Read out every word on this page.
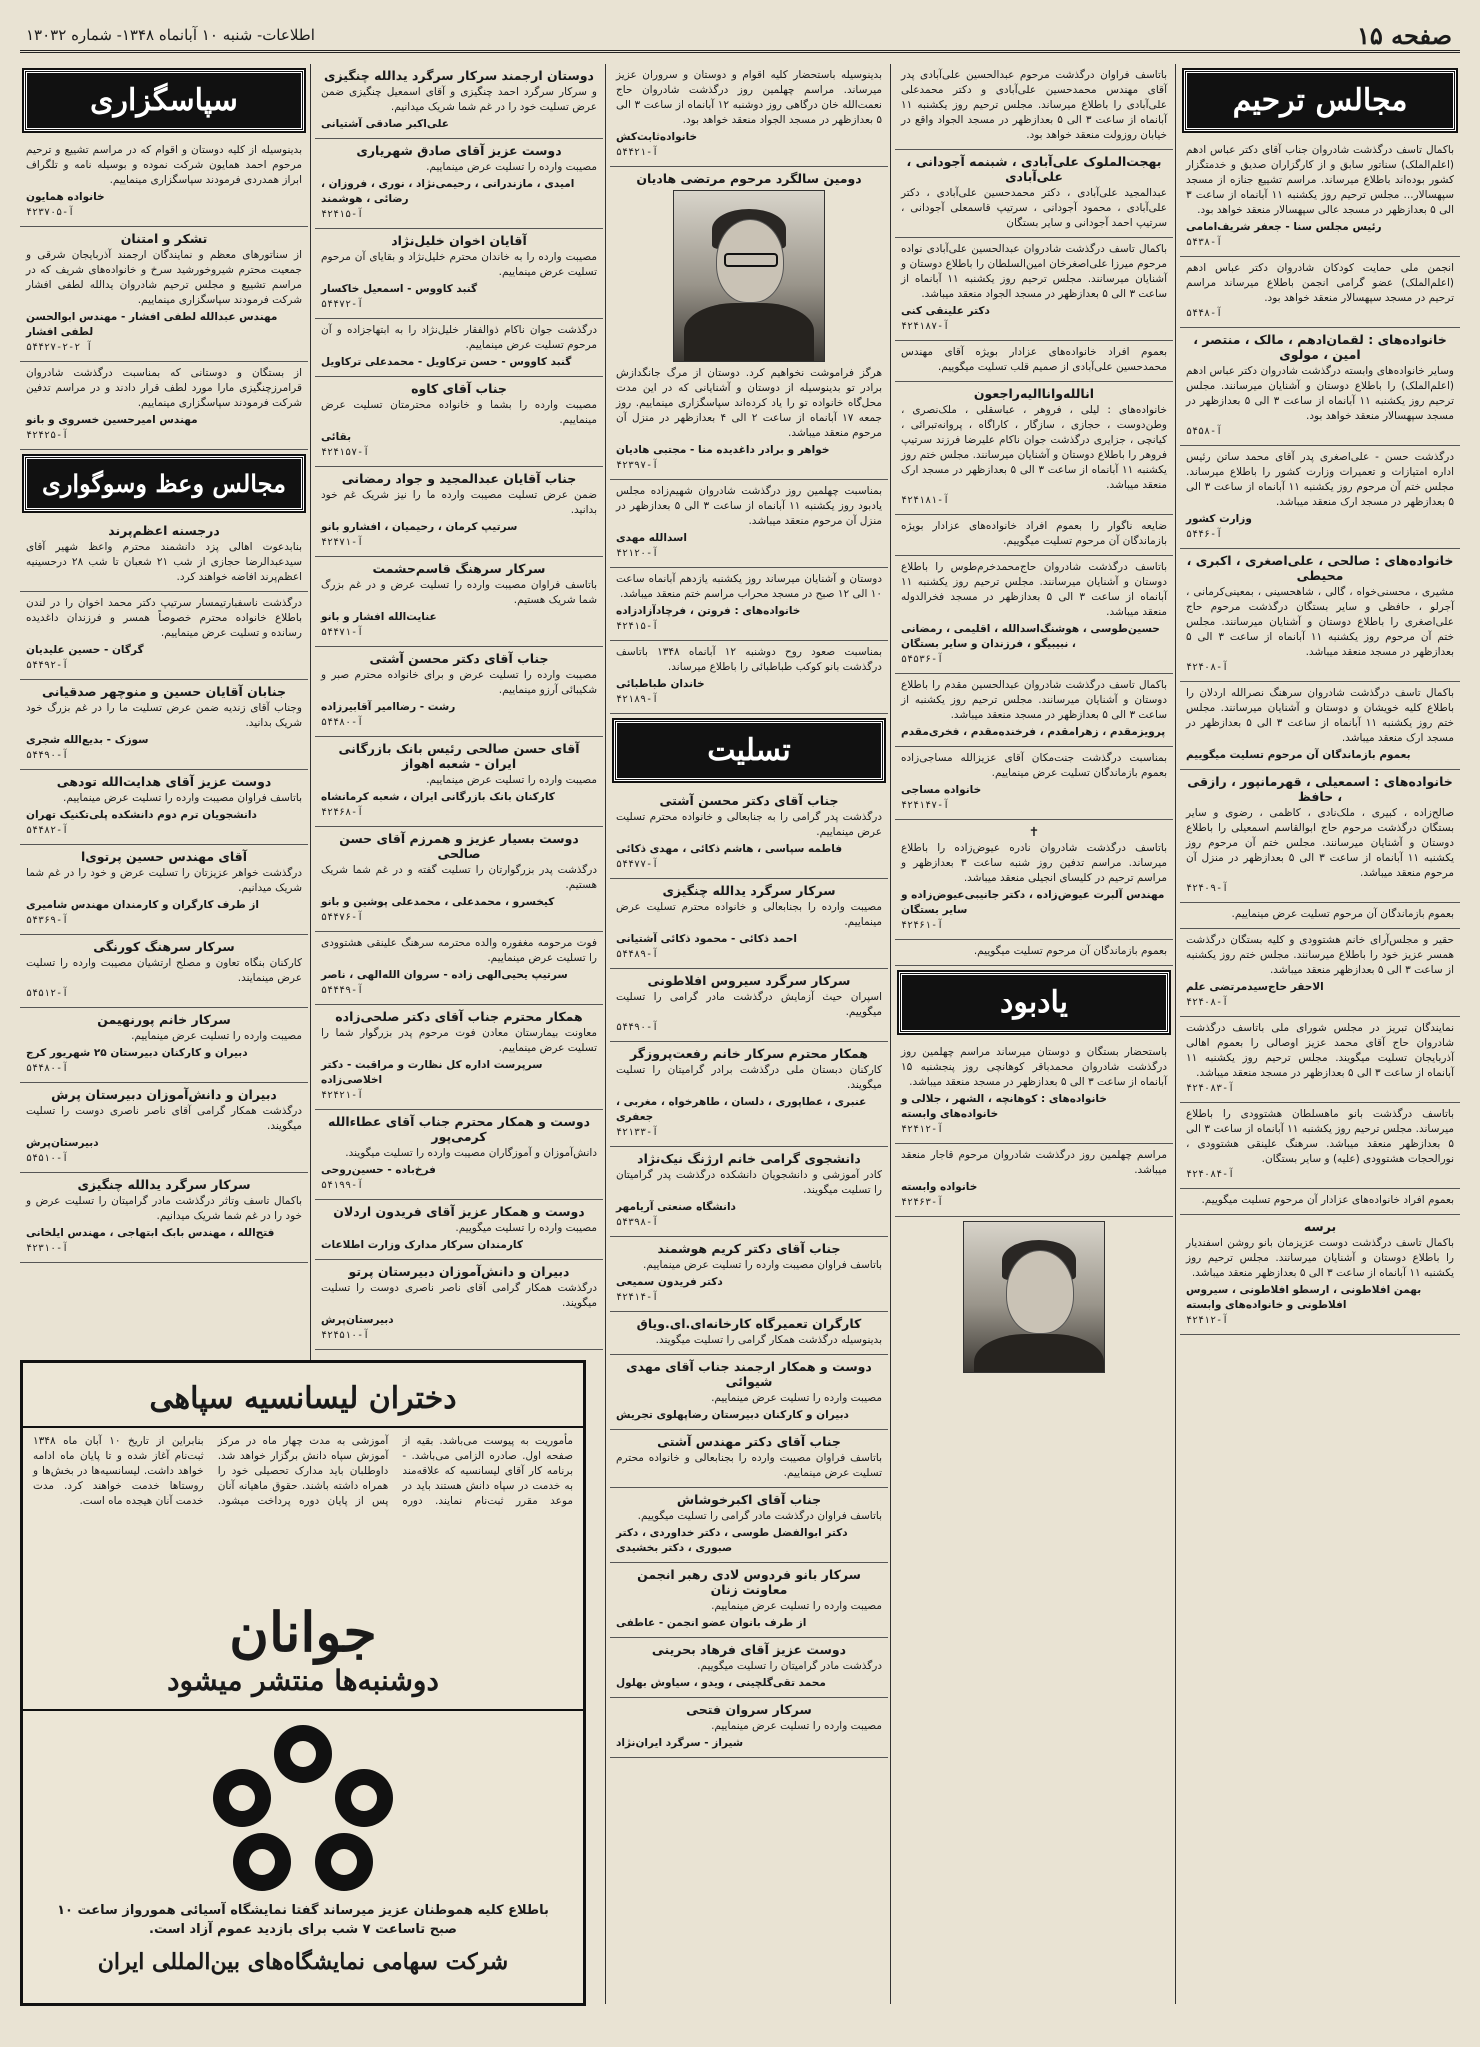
صفحه ۱۵
اطلاعات- شنبه ۱۰ آبانماه ۱۳۴۸- شماره ۱۳۰۳۲
مجالس ترحیم
باکمال تاسف درگذشت شادروان جناب آقای دکتر عباس ادهم (اعلم‌الملک) سناتور سابق و از کارگزاران صدیق و خدمتگزار کشور بوده‌اند باطلاع میرساند. مراسم تشییع جنازه از مسجد سپهسالار... مجلس ترحیم روز یکشنبه ۱۱ آبانماه از ساعت ۳ الی ۵ بعدازظهر در مسجد عالی سپهسالار منعقد خواهد بود.
رئیس مجلس سنا - جعفر شریف‌امامی
۵۴۳۸-آ
انجمن ملی حمایت کودکان شادروان دکتر عباس ادهم (اعلم‌الملک) عضو گرامی انجمن باطلاع میرساند مراسم ترحیم در مسجد سپهسالار منعقد خواهد بود.
۵۴۴۸-آ
خانواده‌های : لقمان‌ادهم ، مالک ، منتصر ، امین ، مولوی
وسایر خانواده‌های وابسته درگذشت شادروان دکتر عباس ادهم (اعلم‌الملک) را باطلاع دوستان و آشنایان میرسانند. مجلس ترحیم روز یکشنبه ۱۱ آبانماه از ساعت ۳ الی ۵ بعدازظهر در مسجد سپهسالار منعقد خواهد بود.
۵۴۵۸-آ
درگذشت حسن - علی‌اصغری پدر آقای محمد ساتن رئیس اداره امتیازات و تعمیرات وزارت کشور را باطلاع میرساند. مجلس ختم آن مرحوم روز یکشنبه ۱۱ آبانماه از ساعت ۳ الی ۵ بعدازظهر در مسجد ارک منعقد میباشد.
وزارت کشور
۵۴۴۶-آ
خانواده‌های : صالحی ، علی‌اصغری ، اکبری ، محیطی
مشیری ، محسنی‌خواه ، گالی ، شاهحسینی ، بمعینی‌کرمانی ، آجرلو ، حافظی و سایر بستگان درگذشت مرحوم حاج علی‌اصغری را باطلاع دوستان و آشنایان میرسانند. مجلس ختم آن مرحوم روز یکشنبه ۱۱ آبانماه از ساعت ۳ الی ۵ بعدازظهر در مسجد منعقد میباشد.
۴۲۴۰۸-آ
باکمال تاسف درگذشت شادروان سرهنگ نصرالله اردلان را باطلاع کلیه خویشان و دوستان و آشنایان میرسانند. مجلس ختم روز یکشنبه ۱۱ آبانماه از ساعت ۳ الی ۵ بعدازظهر در مسجد ارک منعقد میباشد.
بعموم بازماندگان آن مرحوم تسلیت میگوییم
خانواده‌های : اسمعیلی ، قهرمانپور ، رازقی ، حافظ
صالح‌زاده ، کبیری ، ملک‌نادی ، کاظمی ، رضوی و سایر بستگان درگذشت مرحوم حاج ابوالقاسم اسمعیلی را باطلاع دوستان و آشنایان میرسانند. مجلس ختم آن مرحوم روز یکشنبه ۱۱ آبانماه از ساعت ۳ الی ۵ بعدازظهر در منزل آن مرحوم منعقد میباشد.
۴۲۴۰۹-آ
بعموم بازماندگان آن مرحوم تسلیت عرض مینماییم.
حقیر و مجلس‌آرای خانم هشتوودی و کلیه بستگان درگذشت همسر عزیز خود را باطلاع میرسانند. مجلس ختم روز یکشنبه از ساعت ۳ الی ۵ بعدازظهر منعقد میباشد.
الاحقر حاج‌سیدمرتضی علم
۴۲۴۰۸-آ
نمایندگان تبریز در مجلس شورای ملی باتاسف درگذشت شادروان حاج آقای محمد عزیز اوصالی را بعموم اهالی آذربایجان تسلیت میگویند. مجلس ترحیم روز یکشنبه ۱۱ آبانماه از ساعت ۳ الی ۵ بعدازظهر در مسجد منعقد میباشد.
۴۲۴۰۸۳-آ
باتاسف درگذشت بانو ماهسلطان هشتوودی را باطلاع میرساند. مجلس ترحیم روز یکشنبه ۱۱ آبانماه از ساعت ۳ الی ۵ بعدازظهر منعقد میباشد. سرهنگ علینقی هشتوودی ، نورالحجات هشتوودی (علیه) و سایر بستگان.
۴۲۴۰۸۴-آ
بعموم افراد خانواده‌های عزادار آن مرحوم تسلیت میگوییم.
برسه
باکمال تاسف درگذشت دوست عزیزمان بانو روشن اسفندیار را باطلاع دوستان و آشنایان میرسانند. مجلس ترحیم روز یکشنبه ۱۱ آبانماه از ساعت ۳ الی ۵ بعدازظهر منعقد میباشد.
بهمن افلاطونی ، ارسطو افلاطونی ، سیروس افلاطونی و خانواده‌های وابسته
۴۲۴۱۲-آ
باتاسف فراوان درگذشت مرحوم عبدالحسین علی‌آبادی پدر آقای مهندس محمدحسین علی‌آبادی و دکتر محمدعلی علی‌آبادی را باطلاع میرساند. مجلس ترحیم روز یکشنبه ۱۱ آبانماه از ساعت ۳ الی ۵ بعدازظهر در مسجد الجواد واقع در خیابان روزولت منعقد خواهد بود.
بهجت‌الملوک علی‌آبادی ، شبنمه آجودانی ، علی‌آبادی
عبدالمجید علی‌آبادی ، دکتر محمدحسین علی‌آبادی ، دکتر علی‌آبادی ، محمود آجودانی ، سرتیپ قاسمعلی آجودانی ، سرتیپ احمد آجودانی و سایر بستگان
باکمال تاسف درگذشت شادروان عبدالحسین علی‌آبادی نواده مرحوم میرزا علی‌اصغرخان امین‌السلطان را باطلاع دوستان و آشنایان میرسانند. مجلس ترحیم روز یکشنبه ۱۱ آبانماه از ساعت ۳ الی ۵ بعدازظهر در مسجد الجواد منعقد میباشد.
دکتر علینقی کنی
۴۲۴۱۸۷-آ
بعموم افراد خانواده‌های عزادار بویژه آقای مهندس محمدحسین علی‌آبادی از صمیم قلب تسلیت میگوییم.
انالله‌وانا‌الیه‌راجعون
خانواده‌های : لیلی ، فروهر ، عباسقلی ، ملک‌نصری ، وطن‌دوست ، حجازی ، سازگار ، کاراگاه ، پروانه‌تبرائی ، کیانچی ، جزایری درگذشت جوان ناکام علیرضا فرزند سرتیپ فروهر را باطلاع دوستان و آشنایان میرسانند. مجلس ختم روز یکشنبه ۱۱ آبانماه از ساعت ۳ الی ۵ بعدازظهر در مسجد ارک منعقد میباشد.
۴۲۴۱۸۱-آ
ضایعه ناگوار را بعموم افراد خانواده‌های عزادار بویژه بازماندگان آن مرحوم تسلیت میگوییم.
باتاسف درگذشت شادروان حاج‌محمدخرم‌طوس را باطلاع دوستان و آشنایان میرسانند. مجلس ترحیم روز یکشنبه ۱۱ آبانماه از ساعت ۳ الی ۵ بعدازظهر در مسجد فخرالدوله منعقد میباشد.
حسین‌طوسی ، هوشنگ‌اسدالله ، اقلیمی ، رمضانی ، نبیبیگو ، فرزندان و سایر بستگان
۵۴۵۳۶-آ
باکمال تاسف درگذشت شادروان عبدالحسین مقدم را باطلاع دوستان و آشنایان میرسانند. مجلس ترحیم روز یکشنبه از ساعت ۳ الی ۵ بعدازظهر در مسجد منعقد میباشد.
پرویزمقدم ، زهرامقدم ، فرخنده‌مقدم ، فخری‌مقدم
بمناسبت درگذشت جنت‌مکان آقای عزیزالله مساجی‌زاده بعموم بازماندگان تسلیت عرض مینماییم.
خانواده مساجی
۴۲۴۱۴۷-آ
✝
باتاسف درگذشت شادروان نادره عیوض‌زاده را باطلاع میرساند. مراسم تدفین روز شنبه ساعت ۳ بعدازظهر و مراسم ترحیم در کلیسای انجیلی منعقد میباشد.
مهندس آلبرت عیوض‌زاده ، دکتر جانیبی‌عیوض‌زاده و سایر بستگان
۴۲۴۶۱-آ
بعموم بازماندگان آن مرحوم تسلیت میگوییم.
یادبود
باستحضار بستگان و دوستان میرساند مراسم چهلمین روز درگذشت شادروان محمدباقر کوهانچی روز پنجشنبه ۱۵ آبانماه از ساعت ۳ الی ۵ بعدازظهر در مسجد منعقد میباشد.
خانواده‌های : کوهانچه ، الشهر ، جلالی و خانواده‌های وابسته
۴۲۴۱۲-آ
مراسم چهلمین روز درگذشت شادروان مرحوم قاجار منعقد میباشد.
خانواده وابسته
۴۲۴۶۳-آ
بدینوسیله باستحضار کلیه اقوام و دوستان و سروران عزیز میرساند. مراسم چهلمین روز درگذشت شادروان حاج نعمت‌الله خان درگاهی روز دوشنبه ۱۲ آبانماه از ساعت ۳ الی ۵ بعدازظهر در مسجد الجواد منعقد خواهد بود.
خانواده‌ثابت‌کش
۵۴۴۲۱-آ
دومین سالگرد مرحوم مرتضی هادیان
هرگز فراموشت نخواهیم کرد. دوستان از مرگ جانگدازش برادر تو بدینوسیله از دوستان و آشنایانی که در این مدت محل‌گاه خانواده تو را یاد کرده‌اند سپاسگزاری مینماییم. روز جمعه ۱۷ آبانماه از ساعت ۲ الی ۴ بعدازظهر در منزل آن مرحوم منعقد میباشد.
خواهر و برادر داغدیده منا - مجتبی هادیان
۴۲۳۹۷-آ
بمناسبت چهلمین روز درگذشت شادروان شهیم‌زاده مجلس یادبود روز یکشنبه ۱۱ آبانماه از ساعت ۳ الی ۵ بعدازظهر در منزل آن مرحوم منعقد میباشد.
اسدالله مهدی
۴۲۱۲۰-آ
دوستان و آشنایان میرساند روز یکشنبه یازدهم آبانماه ساعت ۱۰ الی ۱۲ صبح در مسجد محراب مراسم ختم منعقد میباشد.
خانواده‌های : فروتن ، فرچاد‌آزادزاده
۴۲۴۱۵-آ
بمناسبت صعود روح دوشنبه ۱۲ آبانماه ۱۳۴۸ باتاسف درگذشت بانو کوکب طباطبائی را باطلاع میرساند.
خاندان طباطبائی
۴۲۱۸۹-آ
تسلیت
جناب آقای دکتر محسن آشتی
درگذشت پدر گرامی را به جنابعالی و خانواده محترم تسلیت عرض مینماییم.
فاطمه سپاسی ، هاشم ذکائی ، مهدی ذکائی
۵۴۴۷۷-آ
سرکار سرگرد یدالله چنگیزی
مصیبت وارده را بجنابعالی و خانواده محترم تسلیت عرض مینماییم.
احمد ذکائی - محمود ذکائی آشتیانی
۵۴۴۸۹-آ
سرکار سرگرد سیروس افلاطونی
اسپران حیث آزمایش درگذشت مادر گرامی را تسلیت میگوییم.
۵۴۴۹۰-آ
همکار محترم سرکار خانم رفعت‌پروزگر
کارکنان دبستان ملی درگذشت برادر گرامیتان را تسلیت میگویند.
عنبری ، عطاپوری ، دلسان ، طاهرخواه ، مغربی ، جعفری
۴۲۱۳۳-آ
دانشجوی گرامی خانم ارژنگ نیک‌نژاد
کادر آموزشی و دانشجویان دانشکده درگذشت پدر گرامیتان را تسلیت میگویند.
دانشگاه صنعتی آریامهر
۵۴۳۹۸-آ
جناب آقای دکتر کریم هوشمند
باتاسف فراوان مصیبت وارده را تسلیت عرض مینماییم.
دکتر فریدون سمیعی
۴۲۴۱۴-آ
کارگران تعمیرگاه کارخانه‌ای.ای.ویاق
بدینوسیله درگذشت همکار گرامی را تسلیت میگویند.
دوست و همکار ارجمند جناب آقای مهدی شیوائی
مصیبت وارده را تسلیت عرض مینماییم.
دبیران و کارکنان دبیرستان رضاپهلوی تجریش
جناب آقای دکتر مهندس آشتی
باتاسف فراوان مصیبت وارده را بجنابعالی و خانواده محترم تسلیت عرض مینماییم.
جناب آقای اکبرخوشاش
باتاسف فراوان درگذشت مادر گرامی را تسلیت میگوییم.
دکتر ابوالفضل طوسی ، دکتر خداوردی ، دکتر صبوری ، دکتر بخشیدی
سرکار بانو فردوس لادی رهبر انجمن معاونت زنان
مصیبت وارده را تسلیت عرض مینماییم.
از طرف بانوان عضو انجمن - عاطفی
دوست عزیز آقای فرهاد بحرینی
درگذشت مادر گرامیتان را تسلیت میگوییم.
محمد تقی‌گلچینی ، ویدو ، سیاوش بهلول
سرکار سروان فتحی
مصیبت وارده را تسلیت عرض مینماییم.
شیراز - سرگرد ایران‌نژاد
دوستان ارجمند سرکار سرگرد یدالله چنگیزی
و سرکار سرگرد احمد چنگیزی و آقای اسمعیل چنگیزی ضمن عرض تسلیت خود را در غم شما شریک میدانیم.
علی‌اکبر صادقی آشتیانی
دوست عزیز آقای صادق شهریاری
مصیبت وارده را تسلیت عرض مینماییم.
امیدی ، مازندرانی ، رحیمی‌نژاد ، نوری ، فروزان ، رضائی ، هوشمند
۴۲۴۱۵-آ
آقایان اخوان خلیل‌نژاد
مصیبت وارده را به خاندان محترم خلیل‌نژاد و بقایای آن مرحوم تسلیت عرض مینماییم.
گنبد کاووس - اسمعیل خاکسار
۵۴۴۷۲-آ
درگذشت جوان ناکام ذوالفقار خلیل‌نژاد را به ابتهاجزاده و آن مرحوم تسلیت عرض مینماییم.
گنبد کاووس - حسن ترکاویل - محمدعلی ترکاویل
جناب آقای کاوه
مصیبت وارده را بشما و خانواده محترمتان تسلیت عرض مینماییم.
بقائی
۴۲۴۱۵۷-آ
جناب آقایان عبدالمجید و جواد رمضانی
ضمن عرض تسلیت مصیبت وارده ما را نیز شریک غم خود بدانید.
سرتیپ کرمان ، رحیمیان ، افشارو بانو
۴۲۴۷۱-آ
سرکار سرهنگ قاسم‌حشمت
باتاسف فراوان مصیبت وارده را تسلیت عرض و در غم بزرگ شما شریک هستیم.
عنایت‌الله افشار و بانو
۵۴۴۷۱-آ
جناب آقای دکتر محسن آشتی
مصیبت وارده را تسلیت عرض و برای خانواده محترم صبر و شکیبائی آرزو مینماییم.
رشت - رضاامیر آقابیرزاده
۵۴۴۸۰-آ
آقای حسن صالحی رئیس بانک بازرگانی ایران - شعبه اهواز
مصیبت وارده را تسلیت عرض مینماییم.
کارکنان بانک بازرگانی ایران ، شعبه کرمانشاه
۴۲۴۶۸-آ
دوست بسیار عزیز و همرزم آقای حسن صالحی
درگذشت پدر بزرگوارتان را تسلیت گفته و در غم شما شریک هستیم.
کیخسرو ، محمدعلی ، محمدعلی پوشین و بانو
۵۴۴۷۶-آ
فوت مرحومه مغفوره والده محترمه سرهنگ علینقی هشتوودی را تسلیت عرض مینماییم.
سرتیپ یحیی‌الهی زاده - سروان الله‌الهی ، ناصر
۵۴۴۴۹-آ
همکار محترم جناب آقای دکتر صلحی‌زاده
معاونت بیمارستان معادن فوت مرحوم پدر بزرگوار شما را تسلیت عرض مینماییم.
سرپرست اداره کل نظارت و مراقبت - دکتر اخلاصی‌زاده
۴۲۴۲۱-آ
دوست و همکار محترم جناب آقای عطاءالله کرمی‌پور
دانش‌آموزان و آموزگاران مصیبت وارده را تسلیت میگویند.
فرخ‌باده - حسین‌روحی
۵۴۱۹۹-آ
دوست و همکار عزیز آقای فریدون اردلان
مصیبت وارده را تسلیت میگوییم.
کارمندان سرکار مدارک وزارت اطلاعات
دبیران و دانش‌آموزان دبیرستان پرتو
درگذشت همکار گرامی آقای ناصر ناصری دوست را تسلیت میگویند.
دبیرستان‌پرش
۴۲۴۵۱۰-آ
سپاسگزاری
بدینوسیله از کلیه دوستان و اقوام که در مراسم تشییع و ترحیم مرحوم احمد همایون شرکت نموده و بوسیله نامه و تلگراف ابراز همدردی فرمودند سپاسگزاری مینماییم.
خانواده همایون
۴۲۳۷۰۵-آ
تشکر و امتنان
از سناتورهای معظم و نمایندگان ارجمند آذربایجان شرقی و جمعیت محترم شیروخورشید سرخ و خانواده‌های شریف که در مراسم تشییع و مجلس ترحیم شادروان یدالله لطفی افشار شرکت فرمودند سپاسگزاری مینماییم.
مهندس عبدالله لطفی افشار - مهندس ابوالحسن لطفی افشار
۵۴۴۲۷-آ ۲-۲
از بستگان و دوستانی که بمناسبت درگذشت شادروان قرامرزچنگیزی مارا مورد لطف قرار دادند و در مراسم تدفین شرکت فرمودند سپاسگزاری مینماییم.
مهندس امیرحسین خسروی و بانو
۴۲۴۲۵-آ
مجالس وعظ وسوگواری
درجسنه اعظم‌پرند
بنابدعوت اهالی پزد دانشمند محترم واعظ شهیر آقای سیدعبدالرضا حجازی از شب ۲۱ شعبان تا شب ۲۸ درحسینیه اعظم‌پرند افاضه خواهند کرد.
درگذشت ناسفبارتیمسار سرتیپ دکتر محمد اخوان را در لندن باطلاع خانواده محترم خصوصاً همسر و فرزندان داغدیده رسانده و تسلیت عرض مینماییم.
گرگان - حسین علیدیان
۵۴۴۹۲-آ
جنابان آقایان حسین و منوچهر صدقیانی
وجناب آقای زندیه ضمن عرض تسلیت ما را در غم بزرگ خود شریک بدانید.
سوزک - بدیع‌الله شجری
۵۴۴۹۰-آ
دوست عزیز آقای هدایت‌الله تودهی
باتاسف فراوان مصیبت وارده را تسلیت عرض مینماییم.
دانشجویان ترم دوم دانشکده پلی‌تکنیک تهران
۵۴۴۸۲-آ
آقای مهندس حسین پرتوی‌ا
درگذشت خواهر عزیزتان را تسلیت عرض و خود را در غم شما شریک میدانیم.
از طرف کارگران و کارمندان مهندس شامیری
۵۴۳۶۹-آ
سرکار سرهنگ کورنگی
کارکنان بنگاه تعاون و مصلح ارتشیان مصیبت وارده را تسلیت عرض مینمایند.
۵۴۵۱۲-آ
سرکار خانم پورنهیمن
مصیبت وارده را تسلیت عرض مینماییم.
دبیران و کارکنان دبیرستان ۲۵ شهریور کرج
۵۴۴۸۰-آ
دبیران و دانش‌آموزان دبیرستان پرش
درگذشت همکار گرامی آقای ناصر ناصری دوست را تسلیت میگویند.
دبیرستان‌پرش
۵۴۵۱۰-آ
سرکار سرگرد یدالله چنگیزی
باکمال تاسف وتاثر درگذشت مادر گرامیتان را تسلیت عرض و خود را در غم شما شریک میدانیم.
فتح‌الله ، مهندس بابک ابتهاجی ، مهندس ایلخانی
۴۲۳۱۰-آ
دختران لیسانسیه سپاهی
مأموریت به پیوست می‌باشد. بقیه از صفحه اول. صادره الزامی می‌باشد. - برنامه کار آقای لیسانسیه که علاقه‌مند به خدمت در سپاه دانش هستند باید در موعد مقرر ثبت‌نام نمایند. دوره آموزشی به مدت چهار ماه در مرکز آموزش سپاه دانش برگزار خواهد شد. داوطلبان باید مدارک تحصیلی خود را همراه داشته باشند. حقوق ماهیانه آنان پس از پایان دوره پرداخت میشود. بنابراین از تاریخ ۱۰ آبان ماه ۱۳۴۸ ثبت‌نام آغاز شده و تا پایان ماه ادامه خواهد داشت. لیسانسیه‌ها در بخش‌ها و روستاها خدمت خواهند کرد. مدت خدمت آنان هیجده ماه است.
جوانان
دوشنبه‌ها منتشر میشود
باطلاع کلیه هموطنان عزیز میرساند گفتا نمایشگاه آسیائی همورواز ساعت ۱۰ صبح تاساعت ۷ شب برای بازدید عموم آزاد است.
شرکت سهامی نمایشگاه‌های بین‌المللی ایران
